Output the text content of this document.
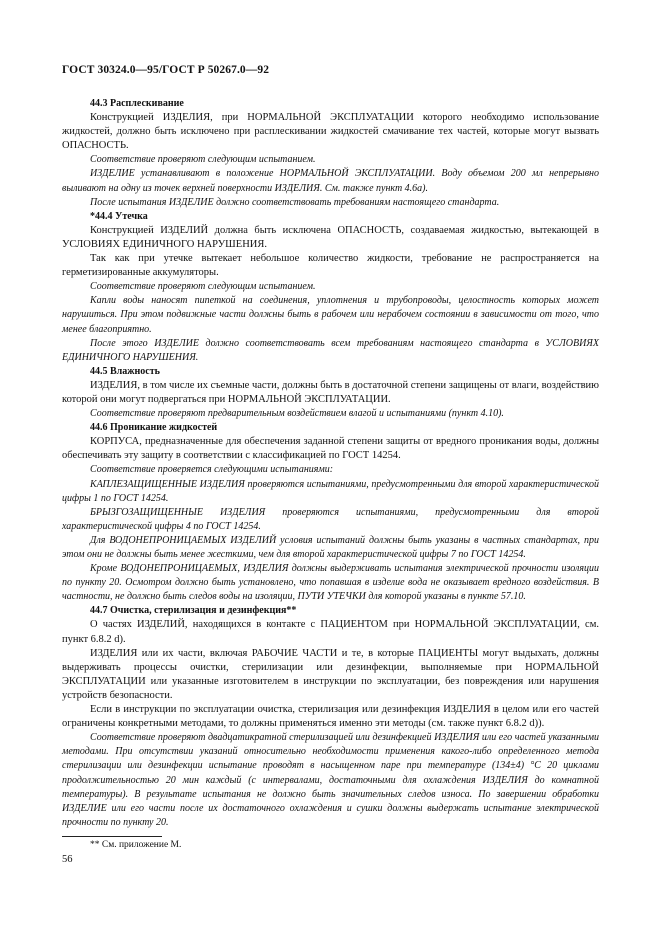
ГОСТ 30324.0—95/ГОСТ Р 50267.0—92

44.3 Расплескивание

Конструкцией ИЗДЕЛИЯ, при НОРМАЛЬНОЙ ЭКСПЛУАТАЦИИ которого необходимо использование жидкостей, должно быть исключено при расплескивании жидкостей смачивание тех частей, которые могут вызвать ОПАСНОСТЬ.

Соответствие проверяют следующим испытанием.

ИЗДЕЛИЕ устанавливают в положение НОРМАЛЬНОЙ ЭКСПЛУАТАЦИИ. Воду объемом 200 мл непрерывно выливают на одну из точек верхней поверхности ИЗДЕЛИЯ. См. также пункт 4.6а).

После испытания ИЗДЕЛИЕ должно соответствовать требованиям настоящего стандарта.

*44.4 Утечка

Конструкцией ИЗДЕЛИЙ должна быть исключена ОПАСНОСТЬ, создаваемая жидкостью, вытекающей в УСЛОВИЯХ ЕДИНИЧНОГО НАРУШЕНИЯ.

Так как при утечке вытекает небольшое количество жидкости, требование не распространяется на герметизированные аккумуляторы.

Соответствие проверяют следующим испытанием.

Капли воды наносят пипеткой на соединения, уплотнения и трубопроводы, целостность которых может нарушиться. При этом подвижные части должны быть в рабочем или нерабочем состоянии в зависимости от того, что менее благоприятно.

После этого ИЗДЕЛИЕ должно соответствовать всем требованиям настоящего стандарта в УСЛОВИЯХ ЕДИНИЧНОГО НАРУШЕНИЯ.

44.5 Влажность

ИЗДЕЛИЯ, в том числе их съемные части, должны быть в достаточной степени защищены от влаги, воздействию которой они могут подвергаться при НОРМАЛЬНОЙ ЭКСПЛУАТАЦИИ.

Соответствие проверяют предварительным воздействием влагой и испытаниями (пункт 4.10).

44.6 Проникание жидкостей

КОРПУСА, предназначенные для обеспечения заданной степени защиты от вредного проникания воды, должны обеспечивать эту защиту в соответствии с классификацией по ГОСТ 14254.

Соответствие проверяется следующими испытаниями:

КАПЛЕЗАЩИЩЕННЫЕ ИЗДЕЛИЯ проверяются испытаниями, предусмотренными для второй характеристической цифры 1 по ГОСТ 14254.

БРЫЗГОЗАЩИЩЕННЫЕ ИЗДЕЛИЯ проверяются испытаниями, предусмотренными для второй характеристической цифры 4 по ГОСТ 14254.

Для ВОДОНЕПРОНИЦАЕМЫХ ИЗДЕЛИЙ условия испытаний должны быть указаны в частных стандартах, при этом они не должны быть менее жесткими, чем для второй характеристической цифры 7 по ГОСТ 14254.

Кроме ВОДОНЕПРОНИЦАЕМЫХ, ИЗДЕЛИЯ должны выдерживать испытания электрической прочности изоляции по пункту 20. Осмотром должно быть установлено, что попавшая в изделие вода не оказывает вредного воздействия. В частности, не должно быть следов воды на изоляции, ПУТИ УТЕЧКИ для которой указаны в пункте 57.10.

44.7 Очистка, стерилизация и дезинфекция**

О частях ИЗДЕЛИЙ, находящихся в контакте с ПАЦИЕНТОМ при НОРМАЛЬНОЙ ЭКСПЛУАТАЦИИ, см. пункт 6.8.2 d).

ИЗДЕЛИЯ или их части, включая РАБОЧИЕ ЧАСТИ и те, в которые ПАЦИЕНТЫ могут выдыхать, должны выдерживать процессы очистки, стерилизации или дезинфекции, выполняемые при НОРМАЛЬНОЙ ЭКСПЛУАТАЦИИ или указанные изготовителем в инструкции по эксплуатации, без повреждения или нарушения устройств безопасности.

Если в инструкции по эксплуатации очистка, стерилизация или дезинфекция ИЗДЕЛИЯ в целом или его частей ограничены конкретными методами, то должны применяться именно эти методы (см. также пункт 6.8.2 d)).

Соответствие проверяют двадцатикратной стерилизацией или дезинфекцией ИЗДЕЛИЯ или его частей указанными методами. При отсутствии указаний относительно необходимости применения какого-либо определенного метода стерилизации или дезинфекции испытание проводят в насыщенном паре при температуре (134±4) °С 20 циклами продолжительностью 20 мин каждый (с интервалами, достаточными для охлаждения ИЗДЕЛИЯ до комнатной температуры). В результате испытания не должно быть значительных следов износа. По завершении обработки ИЗДЕЛИЕ или его части после их достаточного охлаждения и сушки должны выдержать испытание электрической прочности по пункту 20.

** См. приложение М.
56
